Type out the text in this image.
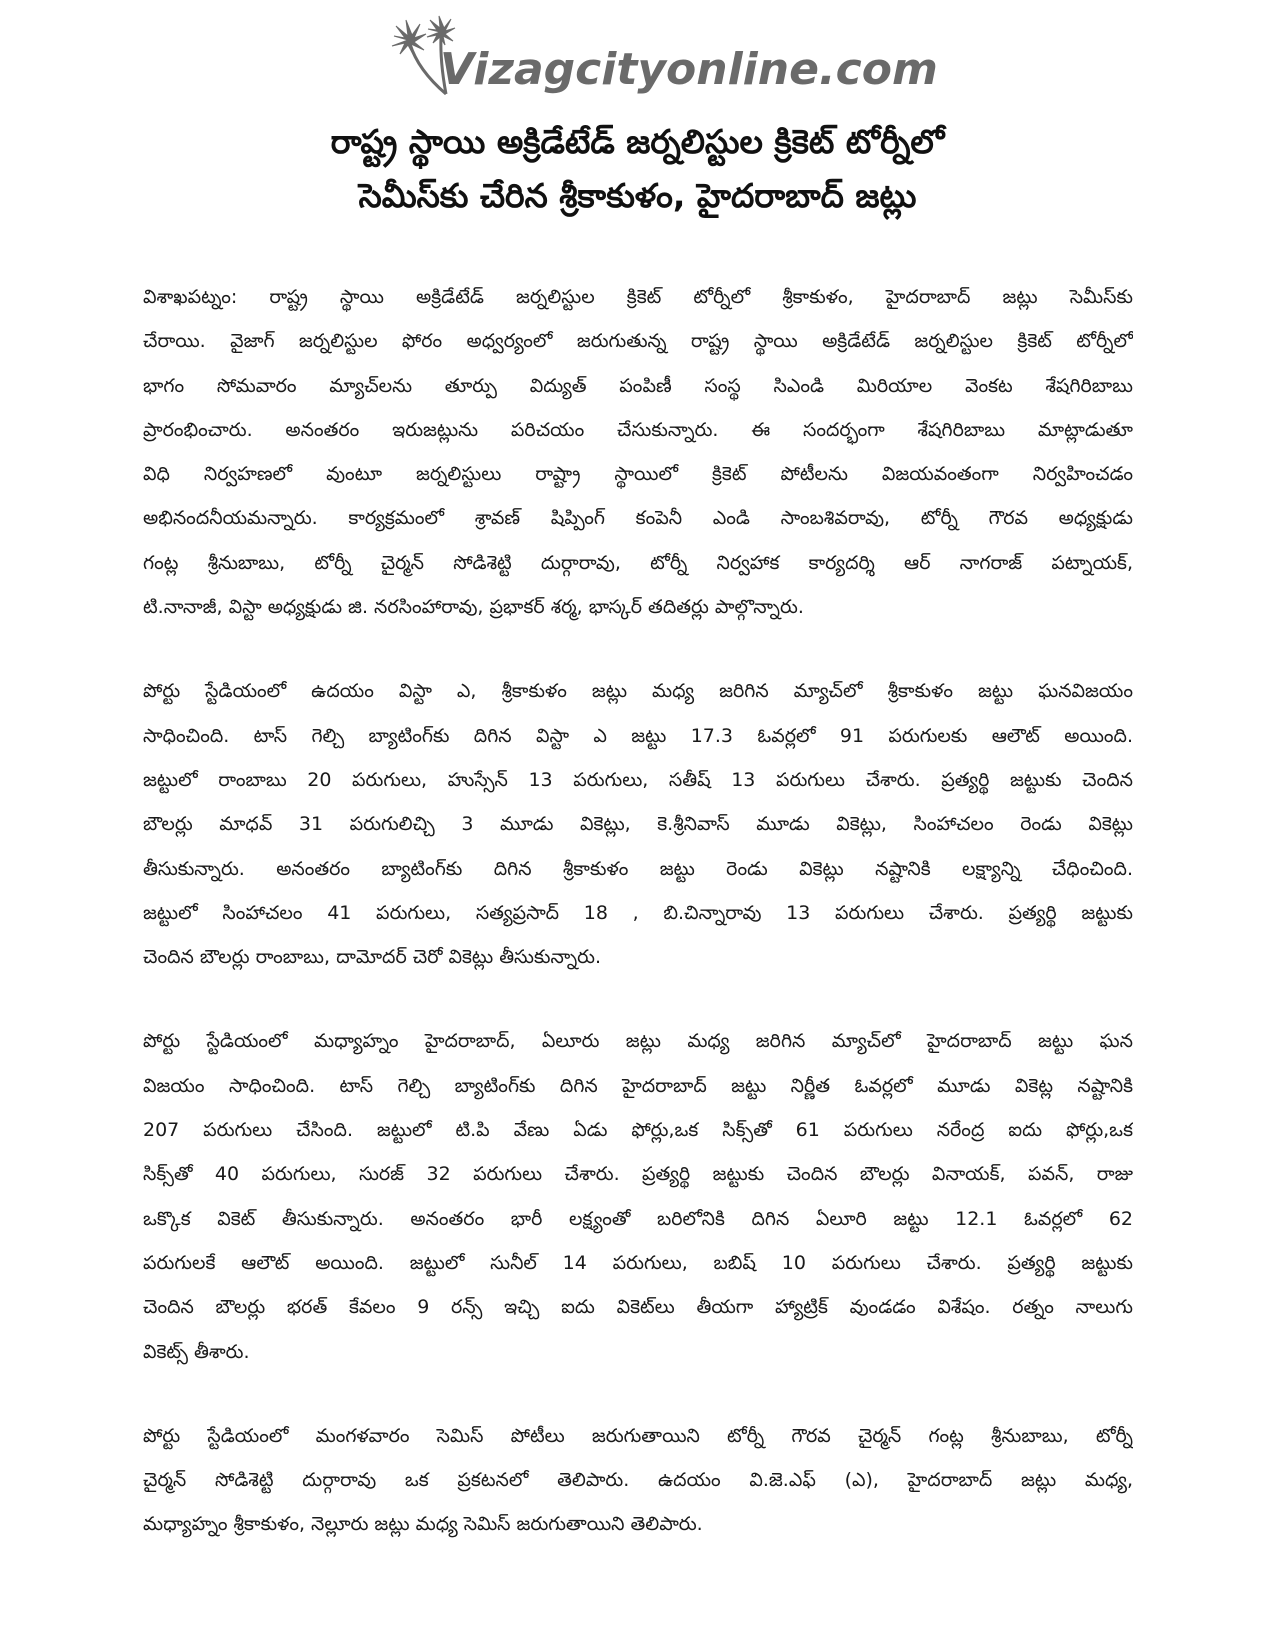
Vizagcityonline.com
రాష్ట్ర స్థాయి అక్రిడేటేడ్ జర్నలిస్టుల క్రికెట్ టోర్నీలో
సెమీస్‌కు చేరిన శ్రీకాకుళం, హైదరాబాద్ జట్లు

విశాఖపట్నం: రాష్ట్ర స్థాయి అక్రిడేటేడ్ జర్నలిస్టుల క్రికెట్ టోర్నీలో శ్రీకాకుళం, హైదరాబాద్ జట్లు సెమీస్‌కు
చేరాయి. వైజాగ్ జర్నలిస్టుల ఫోరం అధ్వర్యంలో జరుగుతున్న రాష్ట్ర స్థాయి అక్రిడేటేడ్ జర్నలిస్టుల క్రికెట్ టోర్నీలో
భాగం సోమవారం మ్యాచ్‌లను తూర్పు విద్యుత్ పంపిణీ సంస్థ సిఎండి మిరియాల వెంకట శేషగిరిబాబు
ప్రారంభించారు. అనంతరం ఇరుజట్లును పరిచయం చేసుకున్నారు. ఈ సందర్భంగా శేషగిరిబాబు మాట్లాడుతూ
విధి నిర్వహణలో వుంటూ జర్నలిస్టులు రాష్ట్రా స్థాయిలో క్రికెట్ పోటీలను విజయవంతంగా నిర్వహించడం
అభినందనీయమన్నారు. కార్యక్రమంలో శ్రావణ్ షిప్పింగ్ కంపెనీ ఎండి సాంబశివరావు, టోర్నీ గౌరవ అధ్యక్షుడు
గంట్ల శ్రీనుబాబు, టోర్నీ చైర్మన్ సోడిశెట్టి దుర్గారావు, టోర్నీ నిర్వహాక కార్యదర్శి ఆర్ నాగరాజ్ పట్నాయక్,
టి.నానాజీ, విస్టా అధ్యక్షుడు జి. నరసింహారావు, ప్రభాకర్ శర్మ, భాస్కర్ తదితర్లు పాల్గొన్నారు.

పోర్టు స్టేడియంలో ఉదయం విస్టా ఎ, శ్రీకాకుళం జట్లు మధ్య జరిగిన మ్యాచ్‌లో శ్రీకాకుళం జట్టు ఘనవిజయం
సాధించింది. టాస్ గెల్చి బ్యాటింగ్‌కు దిగిన విస్టా ఎ జట్టు 17.3 ఓవర్లలో 91 పరుగులకు ఆలౌట్ అయింది.
జట్టులో రాంబాబు 20 పరుగులు, హుస్సేన్ 13 పరుగులు, సతీష్ 13 పరుగులు చేశారు. ప్రత్యర్థి జట్టుకు చెందిన
బౌలర్లు మాధవ్ 31 పరుగులిచ్చి 3 మూడు వికెట్లు, కె.శ్రీనివాస్ మూడు వికెట్లు, సింహాచలం రెండు వికెట్లు
తీసుకున్నారు. అనంతరం బ్యాటింగ్‌కు దిగిన శ్రీకాకుళం జట్టు రెండు వికెట్లు నష్టానికి లక్ష్యాన్ని చేధించింది.
జట్టులో సింహాచలం 41 పరుగులు, సత్యప్రసాద్ 18 , బి.చిన్నారావు 13 పరుగులు చేశారు. ప్రత్యర్థి జట్టుకు
చెందిన బౌలర్లు రాంబాబు, దామోదర్ చెరో వికెట్లు తీసుకున్నారు.

పోర్టు స్టేడియంలో మధ్యాహ్నం హైదరాబాద్, ఏలూరు జట్లు మధ్య జరిగిన మ్యాచ్‌లో హైదరాబాద్ జట్టు ఘన
విజయం సాధించింది. టాస్ గెల్చి బ్యాటింగ్‌కు దిగిన హైదరాబాద్ జట్టు నిర్ణీత ఓవర్లలో మూడు వికెట్ల నష్టానికి
207 పరుగులు చేసింది. జట్టులో టి.పి వేణు ఏడు ఫోర్లు,ఒక సిక్స్‌తో 61 పరుగులు నరేంద్ర ఐదు ఫోర్లు,ఒక
సిక్స్‌తో 40 పరుగులు, సురజ్ 32 పరుగులు చేశారు. ప్రత్యర్థి జట్టుకు చెందిన బౌలర్లు వినాయక్, పవన్, రాజు
ఒక్కొక వికెట్ తీసుకున్నారు. అనంతరం భారీ లక్ష్యంతో బరిలోనికి దిగిన ఏలూరి జట్టు 12.1 ఓవర్లలో 62
పరుగులకే ఆలౌట్ అయింది. జట్టులో సునీల్ 14 పరుగులు, బబిష్ 10 పరుగులు చేశారు. ప్రత్యర్థి జట్టుకు
చెందిన బౌలర్లు భరత్ కేవలం 9 రన్స్ ఇచ్చి ఐదు వికెట్‌లు తీయగా హ్యాట్రిక్ వుండడం విశేషం. రత్నం నాలుగు
వికెట్స్ తీశారు.

పోర్టు స్టేడియంలో మంగళవారం సెమిస్ పోటీలు జరుగుతాయిని టోర్నీ గౌరవ చైర్మన్ గంట్ల శ్రీనుబాబు, టోర్నీ
చైర్మన్ సోడిశెట్టి దుర్గారావు ఒక ప్రకటనలో తెలిపారు. ఉదయం వి.జె.ఎఫ్ (ఎ), హైదరాబాద్ జట్లు మధ్య,
మధ్యాహ్నం శ్రీకాకుళం, నెల్లూరు జట్లు మధ్య సెమిస్ జరుగుతాయిని తెలిపారు.
